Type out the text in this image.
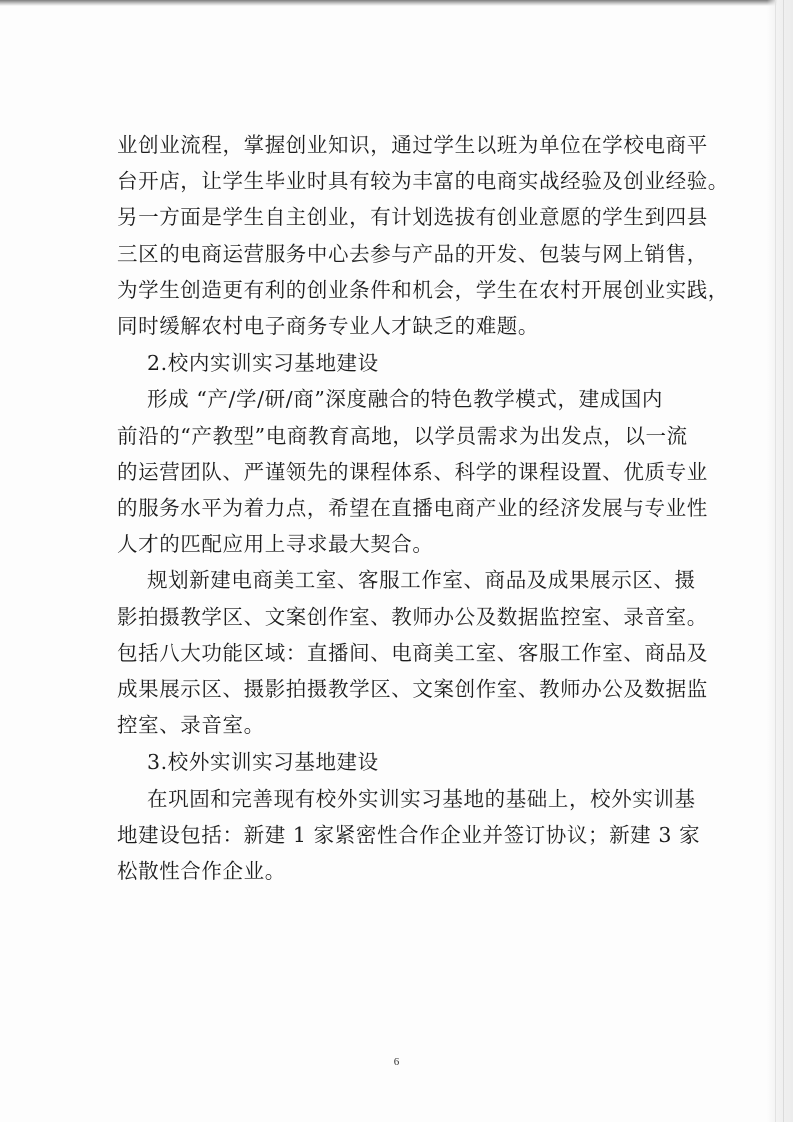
业创业流程，掌握创业知识，通过学生以班为单位在学校电商平
台开店，让学生毕业时具有较为丰富的电商实战经验及创业经验。
另一方面是学生自主创业，有计划选拔有创业意愿的学生到四县
三区的电商运营服务中心去参与产品的开发、包装与网上销售，
为学生创造更有利的创业条件和机会，学生在农村开展创业实践，
同时缓解农村电子商务专业人才缺乏的难题。

2.校内实训实习基地建设

形成 “产/学/研/商”深度融合的特色教学模式，建成国内
前沿的“产教型”电商教育高地，以学员需求为出发点，以一流
的运营团队、严谨领先的课程体系、科学的课程设置、优质专业
的服务水平为着力点，希望在直播电商产业的经济发展与专业性
人才的匹配应用上寻求最大契合。

规划新建电商美工室、客服工作室、商品及成果展示区、摄
影拍摄教学区、文案创作室、教师办公及数据监控室、录音室。
包括八大功能区域：直播间、电商美工室、客服工作室、商品及
成果展示区、摄影拍摄教学区、文案创作室、教师办公及数据监
控室、录音室。

3.校外实训实习基地建设

在巩固和完善现有校外实训实习基地的基础上，校外实训基
地建设包括：新建 1 家紧密性合作企业并签订协议；新建 3 家
松散性合作企业。

6
